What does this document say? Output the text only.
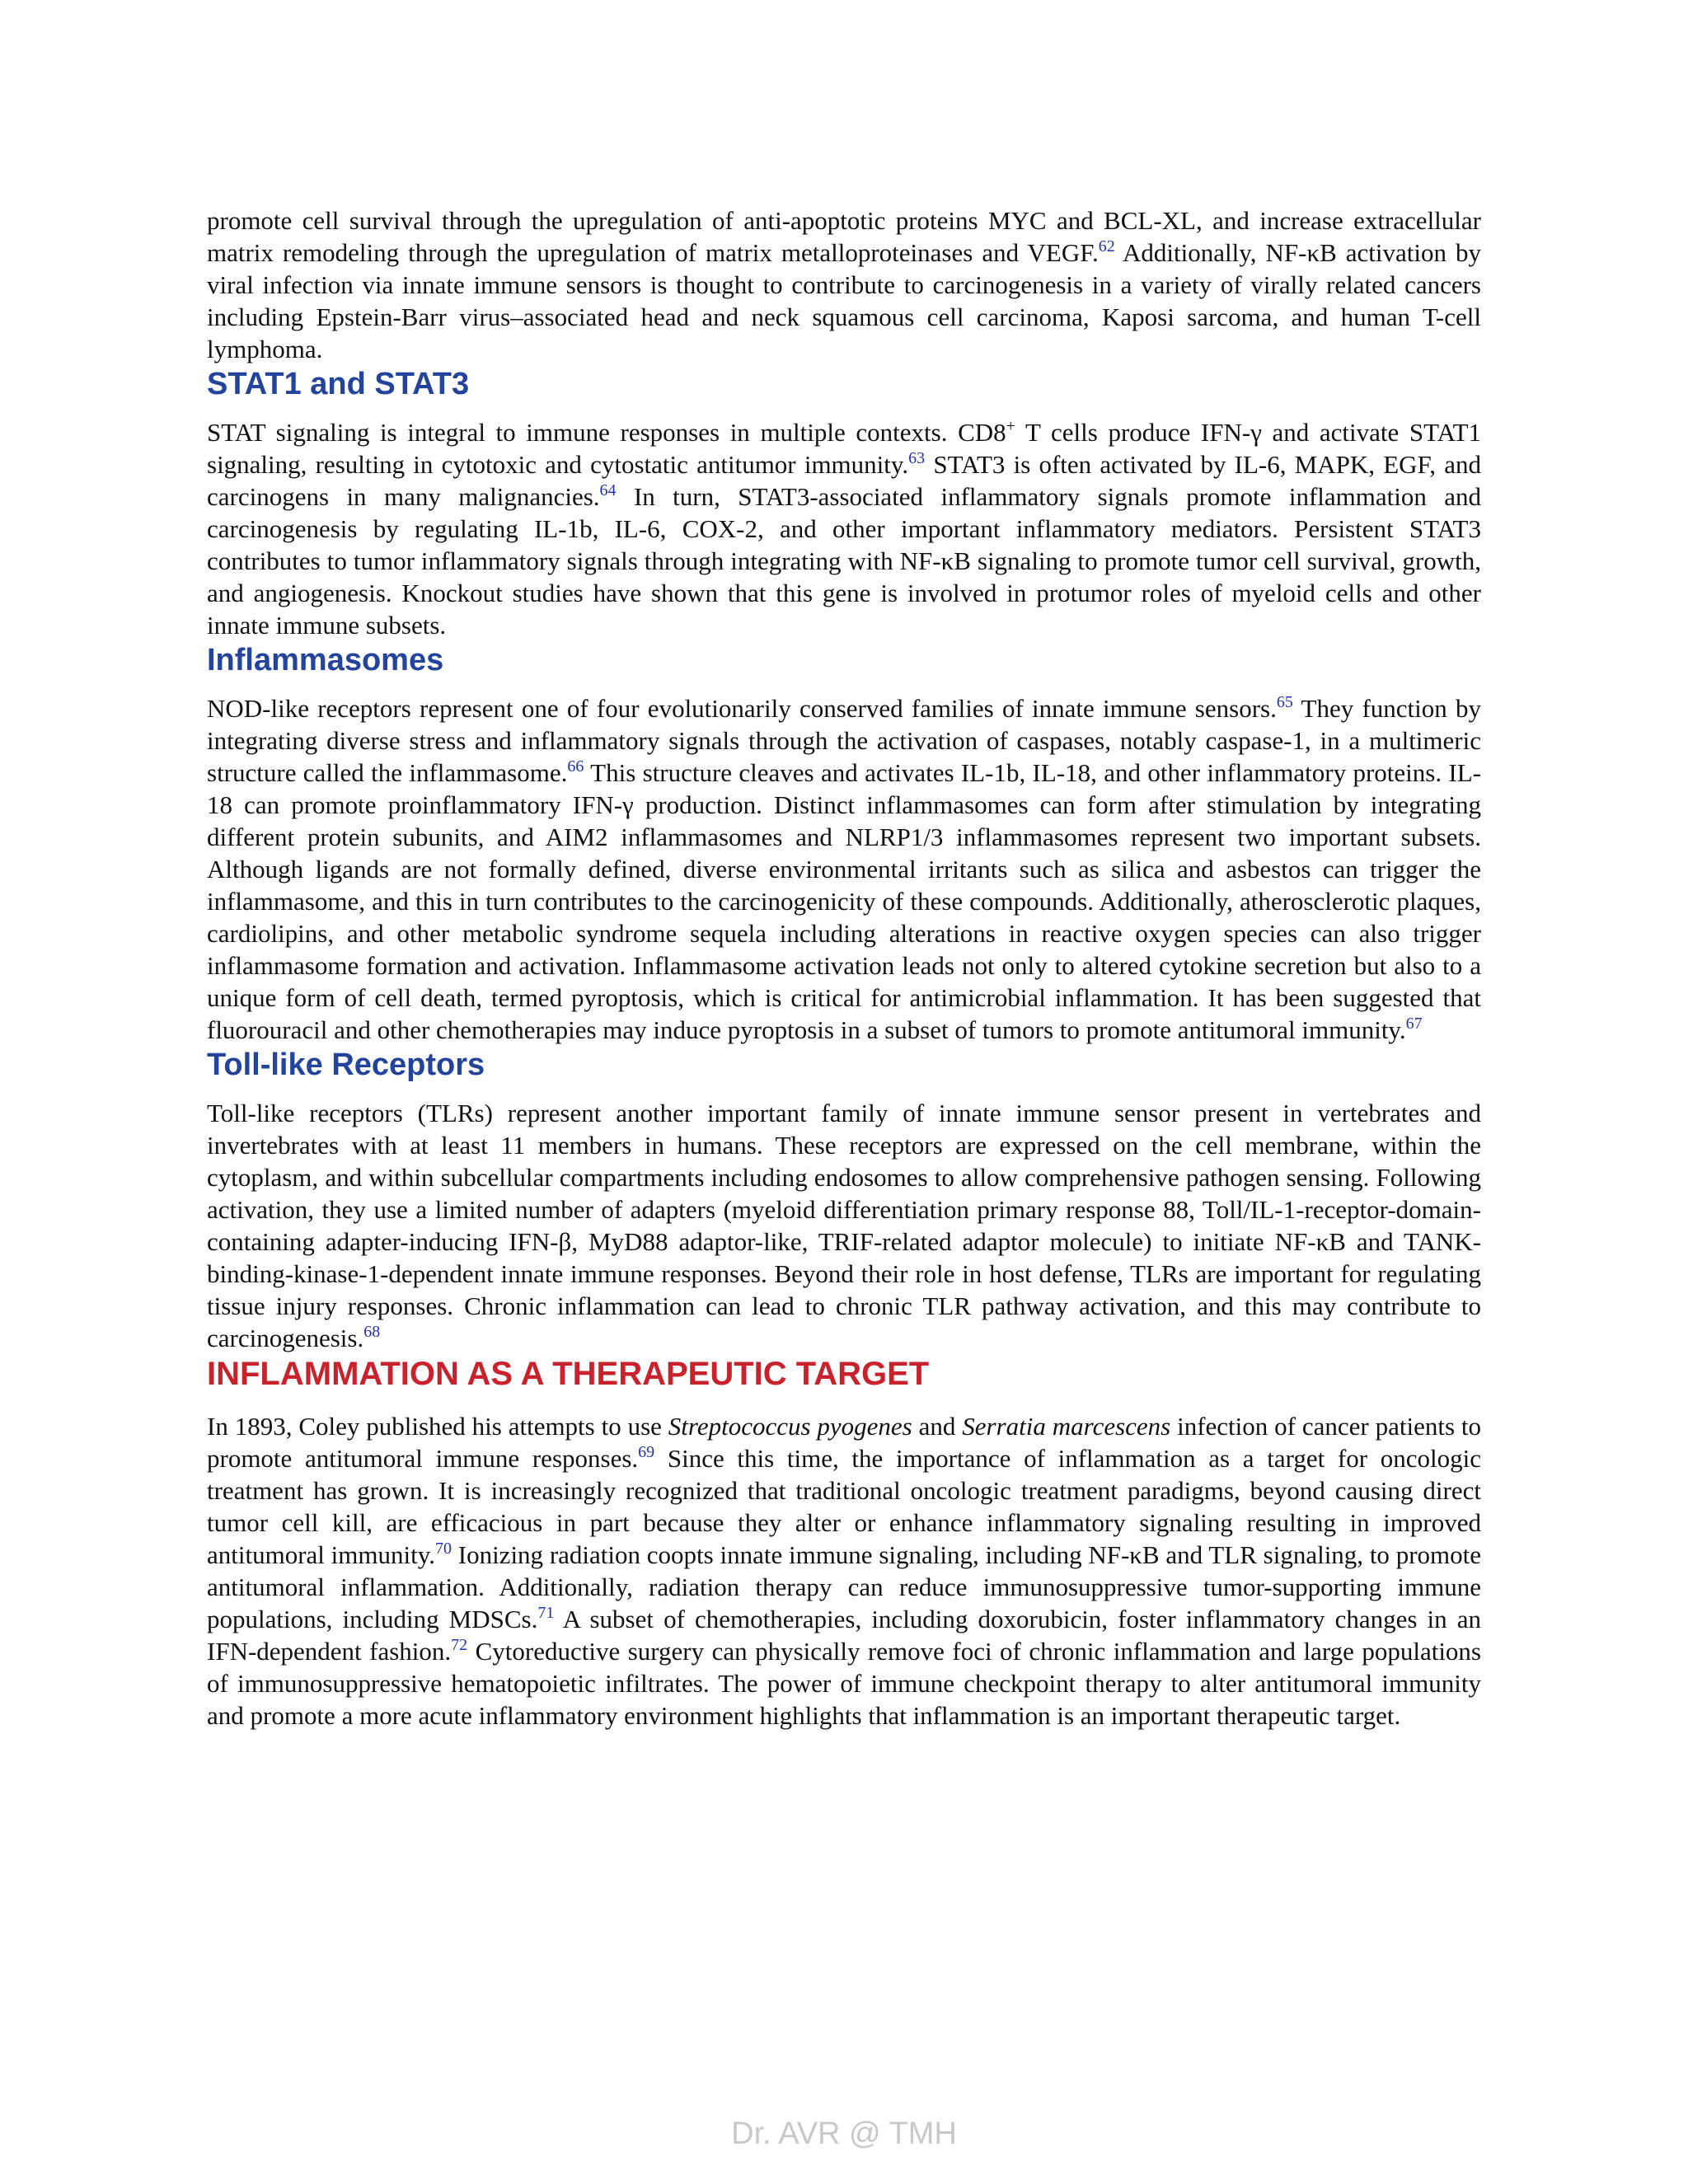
promote cell survival through the upregulation of anti-apoptotic proteins MYC and BCL-XL, and increase extracellular matrix remodeling through the upregulation of matrix metalloproteinases and VEGF.$^{62}$ Additionally, NF-κB activation by viral infection via innate immune sensors is thought to contribute to carcinogenesis in a variety of virally related cancers including Epstein-Barr virus–associated head and neck squamous cell carcinoma, Kaposi sarcoma, and human T-cell lymphoma.

STAT1 and STAT3

STAT signaling is integral to immune responses in multiple contexts. CD8+ T cells produce IFN-γ and activate STAT1 signaling, resulting in cytotoxic and cytostatic antitumor immunity.$^{63}$ STAT3 is often activated by IL-6, MAPK, EGF, and carcinogens in many malignancies.$^{64}$ In turn, STAT3-associated inflammatory signals promote inflammation and carcinogenesis by regulating IL-1b, IL-6, COX-2, and other important inflammatory mediators. Persistent STAT3 contributes to tumor inflammatory signals through integrating with NF-κB signaling to promote tumor cell survival, growth, and angiogenesis. Knockout studies have shown that this gene is involved in protumor roles of myeloid cells and other innate immune subsets.

Inflammasomes

NOD-like receptors represent one of four evolutionarily conserved families of innate immune sensors.$^{65}$ They function by integrating diverse stress and inflammatory signals through the activation of caspases, notably caspase-1, in a multimeric structure called the inflammasome.$^{66}$ This structure cleaves and activates IL-1b, IL-18, and other inflammatory proteins. IL-18 can promote proinflammatory IFN-γ production. Distinct inflammasomes can form after stimulation by integrating different protein subunits, and AIM2 inflammasomes and NLRP1/3 inflammasomes represent two important subsets. Although ligands are not formally defined, diverse environmental irritants such as silica and asbestos can trigger the inflammasome, and this in turn contributes to the carcinogenicity of these compounds. Additionally, atherosclerotic plaques, cardiolipins, and other metabolic syndrome sequela including alterations in reactive oxygen species can also trigger inflammasome formation and activation. Inflammasome activation leads not only to altered cytokine secretion but also to a unique form of cell death, termed pyroptosis, which is critical for antimicrobial inflammation. It has been suggested that fluorouracil and other chemotherapies may induce pyroptosis in a subset of tumors to promote antitumoral immunity.$^{67}$

Toll-like Receptors

Toll-like receptors (TLRs) represent another important family of innate immune sensor present in vertebrates and invertebrates with at least 11 members in humans. These receptors are expressed on the cell membrane, within the cytoplasm, and within subcellular compartments including endosomes to allow comprehensive pathogen sensing. Following activation, they use a limited number of adapters (myeloid differentiation primary response 88, Toll/IL-1-receptor-domain-containing adapter-inducing IFN-β, MyD88 adaptor-like, TRIF-related adaptor molecule) to initiate NF-κB and TANK-binding-kinase-1-dependent innate immune responses. Beyond their role in host defense, TLRs are important for regulating tissue injury responses. Chronic inflammation can lead to chronic TLR pathway activation, and this may contribute to carcinogenesis.$^{68}$

INFLAMMATION AS A THERAPEUTIC TARGET

In 1893, Coley published his attempts to use Streptococcus pyogenes and Serratia marcescens infection of cancer patients to promote antitumoral immune responses.$^{69}$ Since this time, the importance of inflammation as a target for oncologic treatment has grown. It is increasingly recognized that traditional oncologic treatment paradigms, beyond causing direct tumor cell kill, are efficacious in part because they alter or enhance inflammatory signaling resulting in improved antitumoral immunity.$^{70}$ Ionizing radiation coopts innate immune signaling, including NF-κB and TLR signaling, to promote antitumoral inflammation. Additionally, radiation therapy can reduce immunosuppressive tumor-supporting immune populations, including MDSCs.$^{71}$ A subset of chemotherapies, including doxorubicin, foster inflammatory changes in an IFN-dependent fashion.$^{72}$ Cytoreductive surgery can physically remove foci of chronic inflammation and large populations of immunosuppressive hematopoietic infiltrates. The power of immune checkpoint therapy to alter antitumoral immunity and promote a more acute inflammatory environment highlights that inflammation is an important therapeutic target.

Dr. AVR @ TMH
